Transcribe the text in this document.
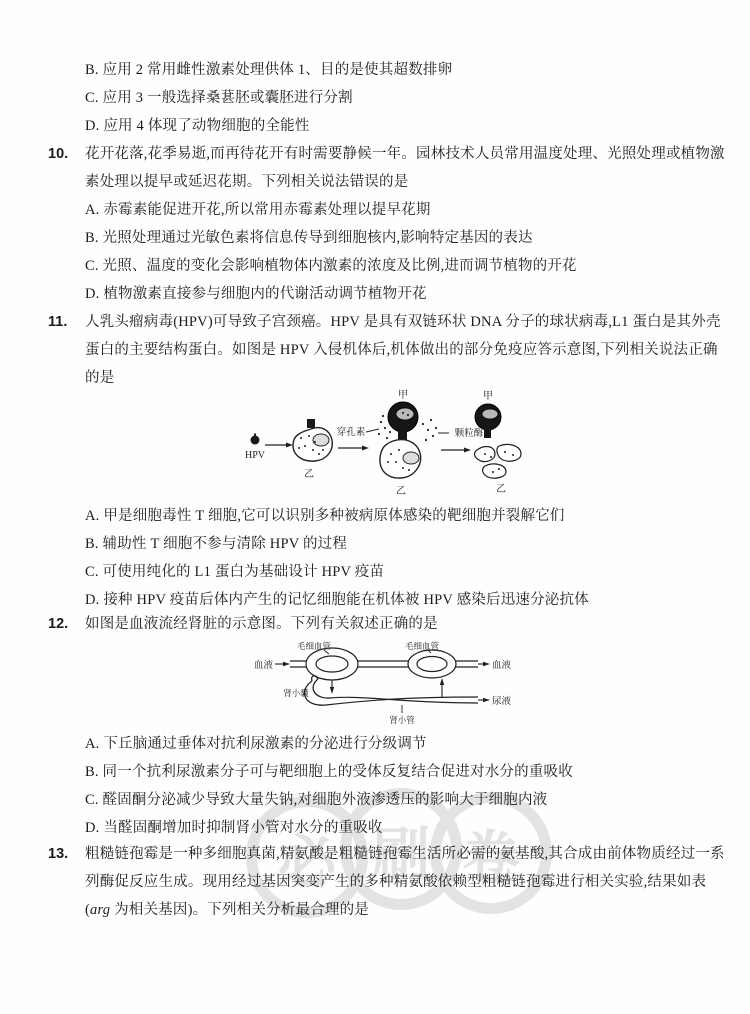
必 刷 卷
B. 应用 2 常用雌性激素处理供体 1、目的是使其超数排卵
C. 应用 3 一般选择桑葚胚或囊胚进行分割
D. 应用 4 体现了动物细胞的全能性
10.	花开花落,花季易逝,而再待花开有时需要静候一年。园林技术人员常用温度处理、光照处理或植物激
素处理以提早或延迟花期。下列相关说法错误的是
A. 赤霉素能促进开花,所以常用赤霉素处理以提早花期
B. 光照处理通过光敏色素将信息传导到细胞核内,影响特定基因的表达
C. 光照、温度的变化会影响植物体内激素的浓度及比例,进而调节植物的开花
D. 植物激素直接参与细胞内的代谢活动调节植物开花
11.	人乳头瘤病毒(HPV)可导致子宫颈癌。HPV 是具有双链环状 DNA 分子的球状病毒,L1 蛋白是其外壳
蛋白的主要结构蛋白。如图是 HPV 入侵机体后,机体做出的部分免疫应答示意图,下列相关说法正确
的是
HPV
乙
穿孔素
甲
乙
颗粒酶
甲
乙
A. 甲是细胞毒性 T 细胞,它可以识别多种被病原体感染的靶细胞并裂解它们
B. 辅助性 T 细胞不参与清除 HPV 的过程
C. 可使用纯化的 L1 蛋白为基础设计 HPV 疫苗
D. 接种 HPV 疫苗后体内产生的记忆细胞能在机体被 HPV 感染后迅速分泌抗体
12.	如图是血液流经肾脏的示意图。下列有关叙述正确的是
血液
毛细血管	毛细血管
血液
肾小囊
尿液
肾小管
A. 下丘脑通过垂体对抗利尿激素的分泌进行分级调节
B. 同一个抗利尿激素分子可与靶细胞上的受体反复结合促进对水分的重吸收
C. 醛固酮分泌减少导致大量失钠,对细胞外液渗透压的影响大于细胞内液
D. 当醛固酮增加时抑制肾小管对水分的重吸收
13.	粗糙链孢霉是一种多细胞真菌,精氨酸是粗糙链孢霉生活所必需的氨基酸,其合成由前体物质经过一系
列酶促反应生成。现用经过基因突变产生的多种精氨酸依赖型粗糙链孢霉进行相关实验,结果如表
(arg 为相关基因)。下列相关分析最合理的是
